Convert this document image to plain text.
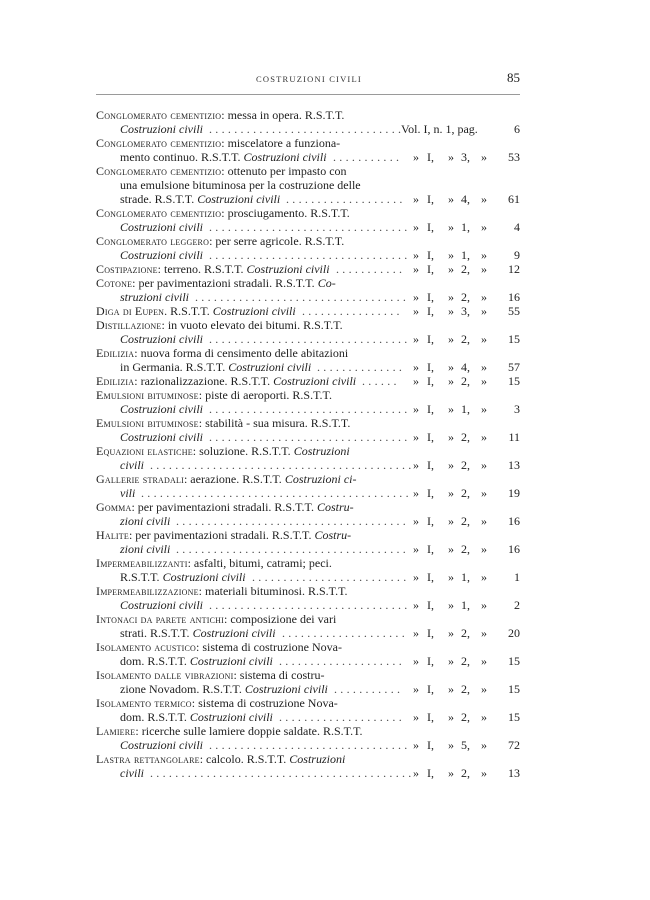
COSTRUZIONI CIVILI	85
Conglomerato cementizio: messa in opera. R.S.T.T.
Costruzioni civili	Vol. I, n. 1, pag.	6
...............................
Conglomerato cementizio: miscelatore a funziona-
mento continuo. R.S.T.T. Costruzioni civili	» I, » 3, » 53
...........
Conglomerato cementizio: ottenuto per impasto con
una emulsione bituminosa per la costruzione delle
strade. R.S.T.T. Costruzioni civili	» I, » 4, » 61
...................
Conglomerato cementizio: prosciugamento. R.S.T.T.
Costruzioni civili	» I, » 1, » 4
................................
Conglomerato leggero: per serre agricole. R.S.T.T.
Costruzioni civili	» I, » 1, » 9
................................
Costipazione: terreno. R.S.T.T. Costruzioni civili	» I, » 2, » 12
...........
Cotone: per pavimentazioni stradali. R.S.T.T. Co-
struzioni civili	» I, » 2, » 16
..................................
Diga di Eupen. R.S.T.T. Costruzioni civili	» I, » 3, » 55
................
Distillazione: in vuoto elevato dei bitumi. R.S.T.T.
Costruzioni civili	» I, » 2, » 15
................................
Edilizia: nuova forma di censimento delle abitazioni
in Germania. R.S.T.T. Costruzioni civili	» I, » 4, » 57
..............
Edilizia: razionalizzazione. R.S.T.T. Costruzioni civili	» I, » 2, » 15
......
Emulsioni bituminose: piste di aeroporti. R.S.T.T.
Costruzioni civili	» I, » 1, » 3
................................
Emulsioni bituminose: stabilità - sua misura. R.S.T.T.
Costruzioni civili	» I, » 2, » 11
................................
Equazioni elastiche: soluzione. R.S.T.T. Costruzioni
civili	» I, » 2, » 13
..........................................
Gallerie stradali: aerazione. R.S.T.T. Costruzioni ci-
vili	» I, » 2, » 19
...........................................
Gomma: per pavimentazioni stradali. R.S.T.T. Costru-
zioni civili	» I, » 2, » 16
.....................................
Halite: per pavimentazioni stradali. R.S.T.T. Costru-
zioni civili	» I, » 2, » 16
.....................................
Impermeabilizzanti: asfalti, bitumi, catrami; peci.
R.S.T.T. Costruzioni civili	» I, » 1, » 1
.........................
Impermeabilizzazione: materiali bituminosi. R.S.T.T.
Costruzioni civili	» I, » 1, » 2
................................
Intonaci da parete antichi: composizione dei vari
strati. R.S.T.T. Costruzioni civili	» I, » 2, » 20
....................
Isolamento acustico: sistema di costruzione Nova-
dom. R.S.T.T. Costruzioni civili	» I, » 2, » 15
....................
Isolamento dalle vibrazioni: sistema di costru-
zione Novadom. R.S.T.T. Costruzioni civili	» I, » 2, » 15
...........
Isolamento termico: sistema di costruzione Nova-
dom. R.S.T.T. Costruzioni civili	» I, » 2, » 15
....................
Lamiere: ricerche sulle lamiere doppie saldate. R.S.T.T.
Costruzioni civili	» I, » 5, » 72
................................
Lastra rettangolare: calcolo. R.S.T.T. Costruzioni
civili	» I, » 2, » 13
..........................................
